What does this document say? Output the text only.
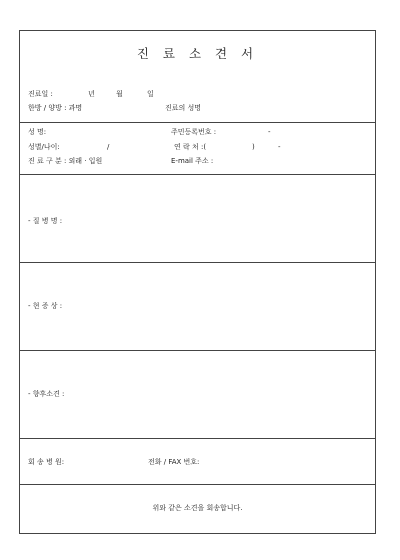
진 료 소 견 서
진료일 :	년	월	일
한방 / 양방 : 과명	진료의 성명
성 명:	주민등록번호 :	-
성별/나이:	/	연 락 처 :(	)	-
진 료 구 분 : 외래 · 입원	E-mail 주소 :
- 질 병 명 :
- 현 증 상 :
- 향후소견 :
회 송 병 원:	전화 / FAX 번호:
위와 같은 소견을 회송합니다.
